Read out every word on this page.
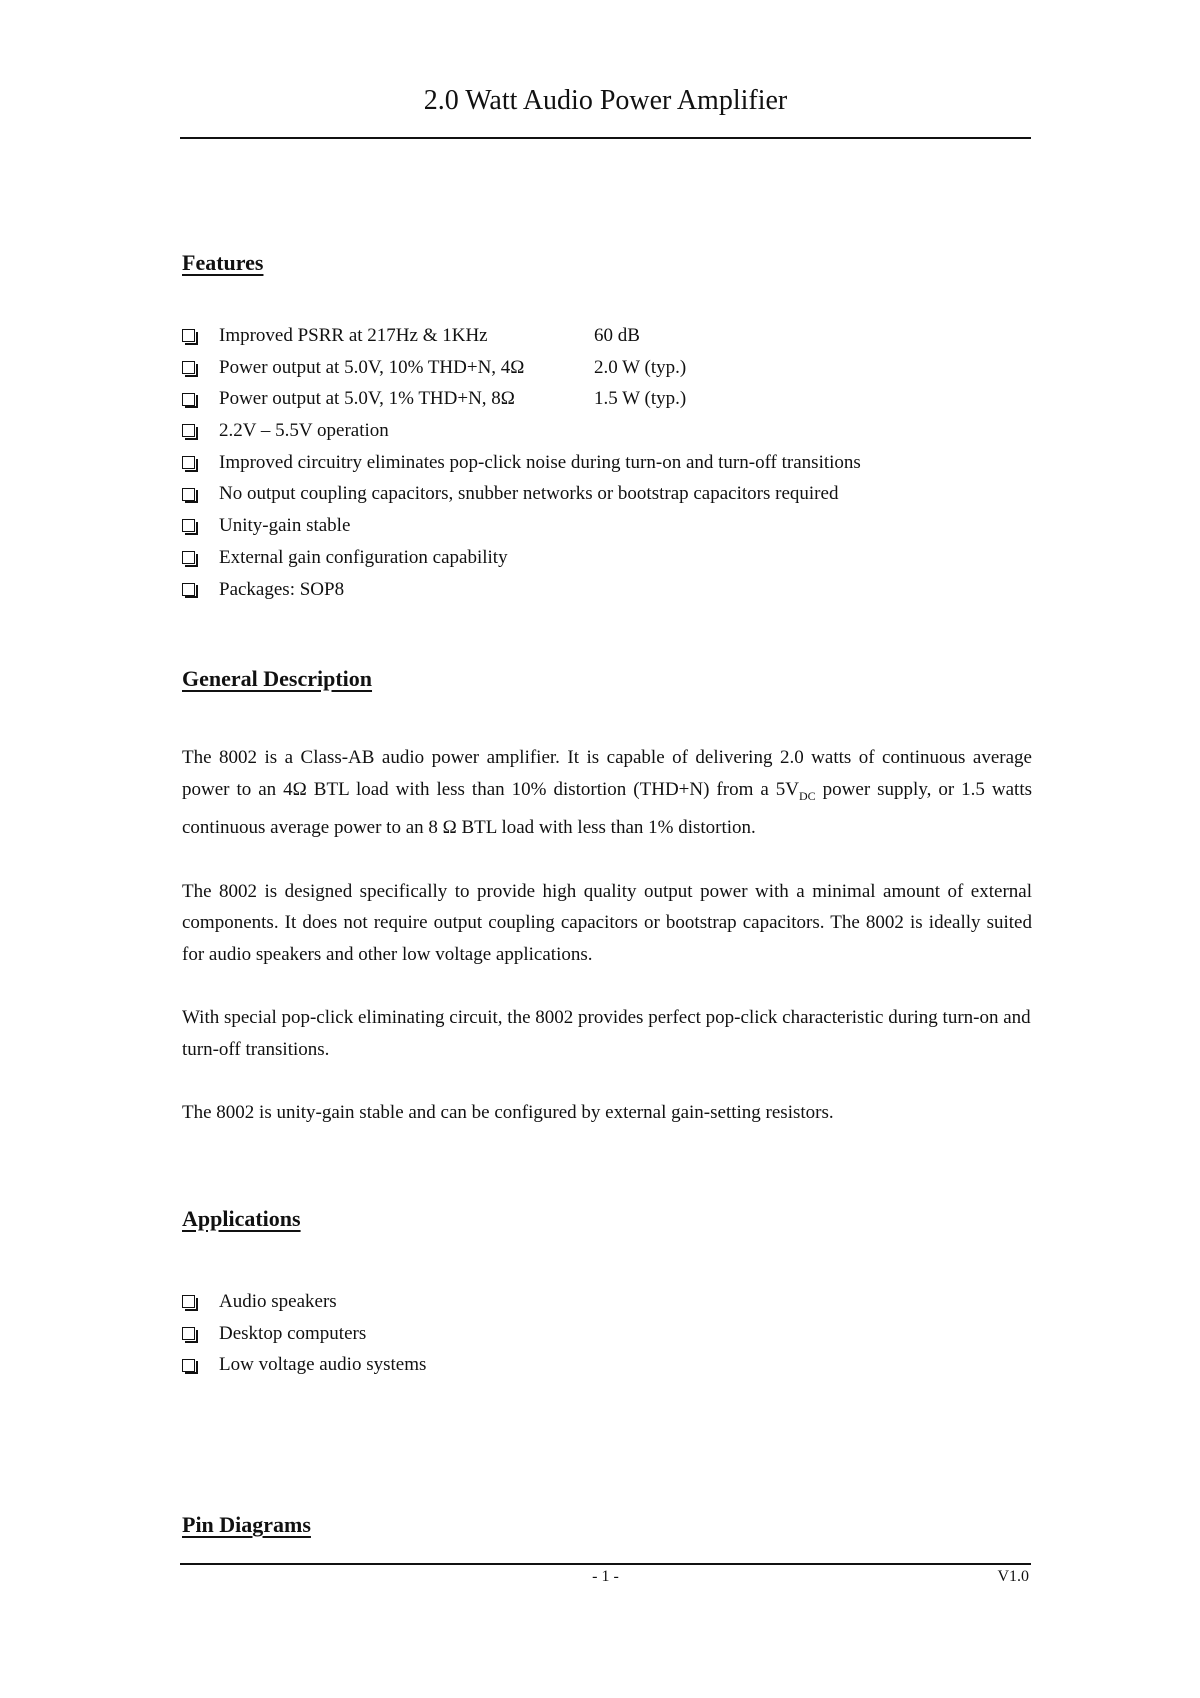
2.0 Watt Audio Power Amplifier
Features
Improved PSRR at 217Hz & 1KHz	60 dB
Power output at 5.0V, 10% THD+N, 4Ω	2.0 W (typ.)
Power output at 5.0V, 1% THD+N, 8Ω	1.5 W (typ.)
2.2V – 5.5V operation
Improved circuitry eliminates pop-click noise during turn-on and turn-off transitions
No output coupling capacitors, snubber networks or bootstrap capacitors required
Unity-gain stable
External gain configuration capability
Packages: SOP8
General Description

The 8002 is a Class-AB audio power amplifier. It is capable of delivering 2.0 watts of continuous average power to an 4Ω BTL load with less than 10% distortion (THD+N) from a $5V_{DC}$ power supply, or 1.5 watts continuous average power to an 8 Ω BTL load with less than 1% distortion.

The 8002 is designed specifically to provide high quality output power with a minimal amount of external components. It does not require output coupling capacitors or bootstrap capacitors. The 8002 is ideally suited for audio speakers and other low voltage applications.

With special pop-click eliminating circuit, the 8002 provides perfect pop-click characteristic during turn-on and turn-off transitions.

The 8002 is unity-gain stable and can be configured by external gain-setting resistors.

Applications
Audio speakers
Desktop computers
Low voltage audio systems
Pin Diagrams
- 1 -	V1.0
